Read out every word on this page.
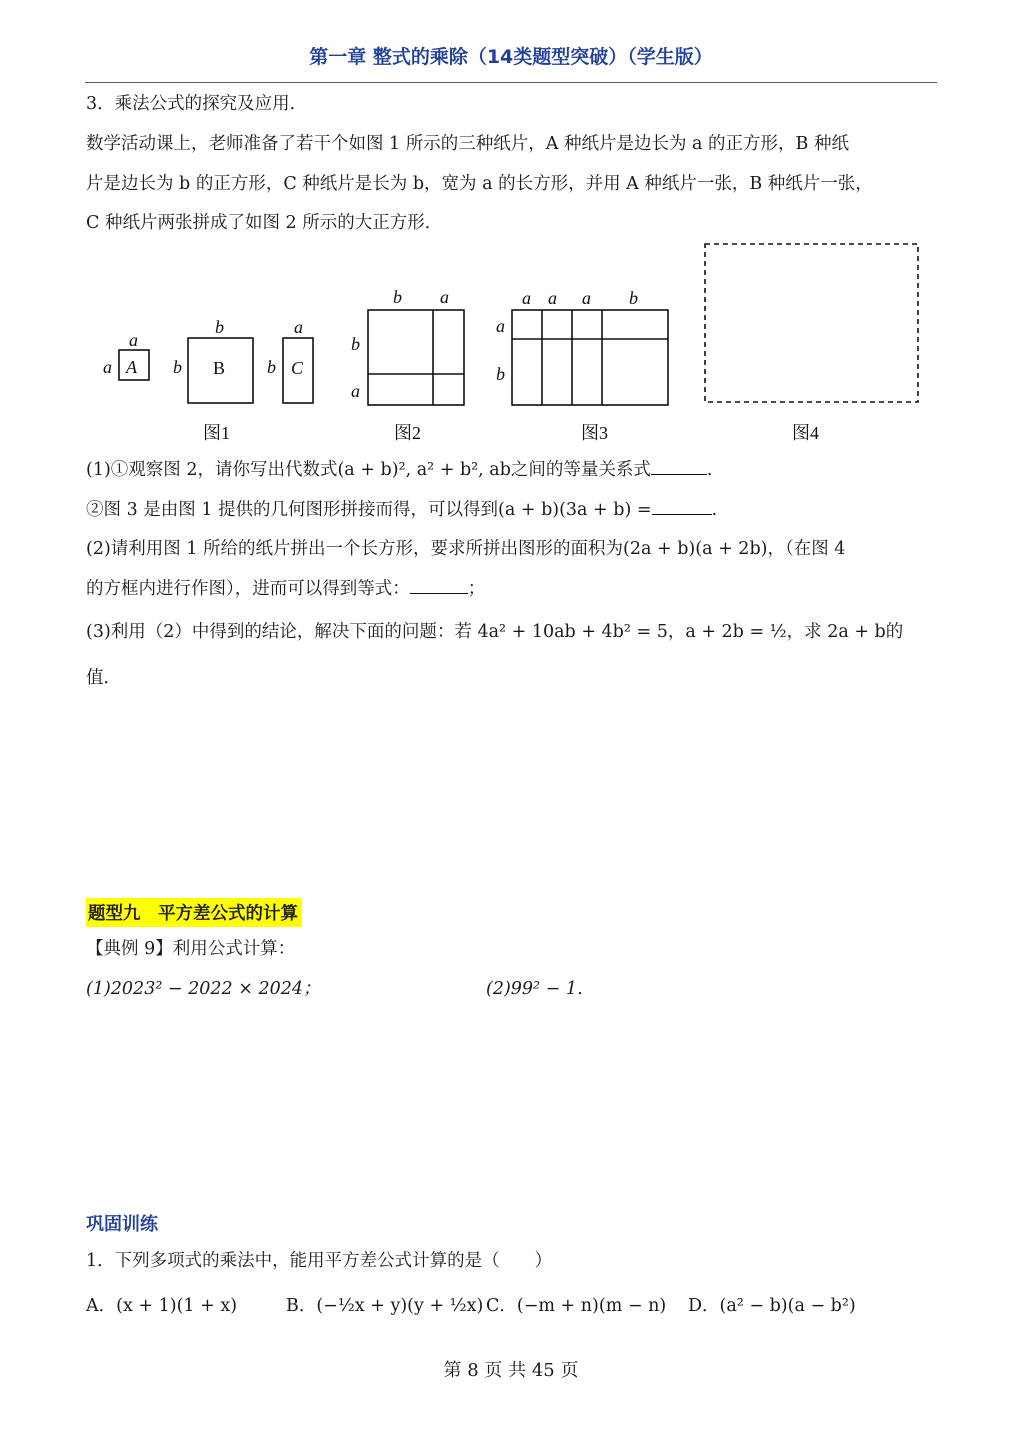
第一章 整式的乘除（14类题型突破）（学生版）
3．乘法公式的探究及应用．
数学活动课上，老师准备了若干个如图 1 所示的三种纸片，A 种纸片是边长为 a 的正方形，B 种纸
片是边长为 b 的正方形，C 种纸片是长为 b，宽为 a 的长方形，并用 A 种纸片一张，B 种纸片一张，
C 种纸片两张拼成了如图 2 所示的大正方形．
a
a A
b
b B
a
b C
b a
b
a
a a a b
a
b
图1	图2	图3	图4
(1)①观察图 2，请你写出代数式(a + b)², a² + b², ab之间的等量关系式	.
②图 3 是由图 1 提供的几何图形拼接而得，可以得到(a + b)(3a + b) =	.
(2)请利用图 1 所给的纸片拼出一个长方形，要求所拼出图形的面积为(2a + b)(a + 2b)，（在图 4
的方框内进行作图），进而可以得到等式：	；
(3)利用（2）中得到的结论，解决下面的问题：若 4a² + 10ab + 4b² = 5，a + 2b = ½，求 2a + b的
值．
题型九　平方差公式的计算
【典例 9】利用公式计算：
(1)2023² − 2022 × 2024；	(2)99² − 1．
巩固训练
1．下列多项式的乘法中，能用平方差公式计算的是（　　）
A．(x + 1)(1 + x)	B．(−½x + y)(y + ½x) C．(−m + n)(m − n) D．(a² − b)(a − b²)
第 8 页 共 45 页
